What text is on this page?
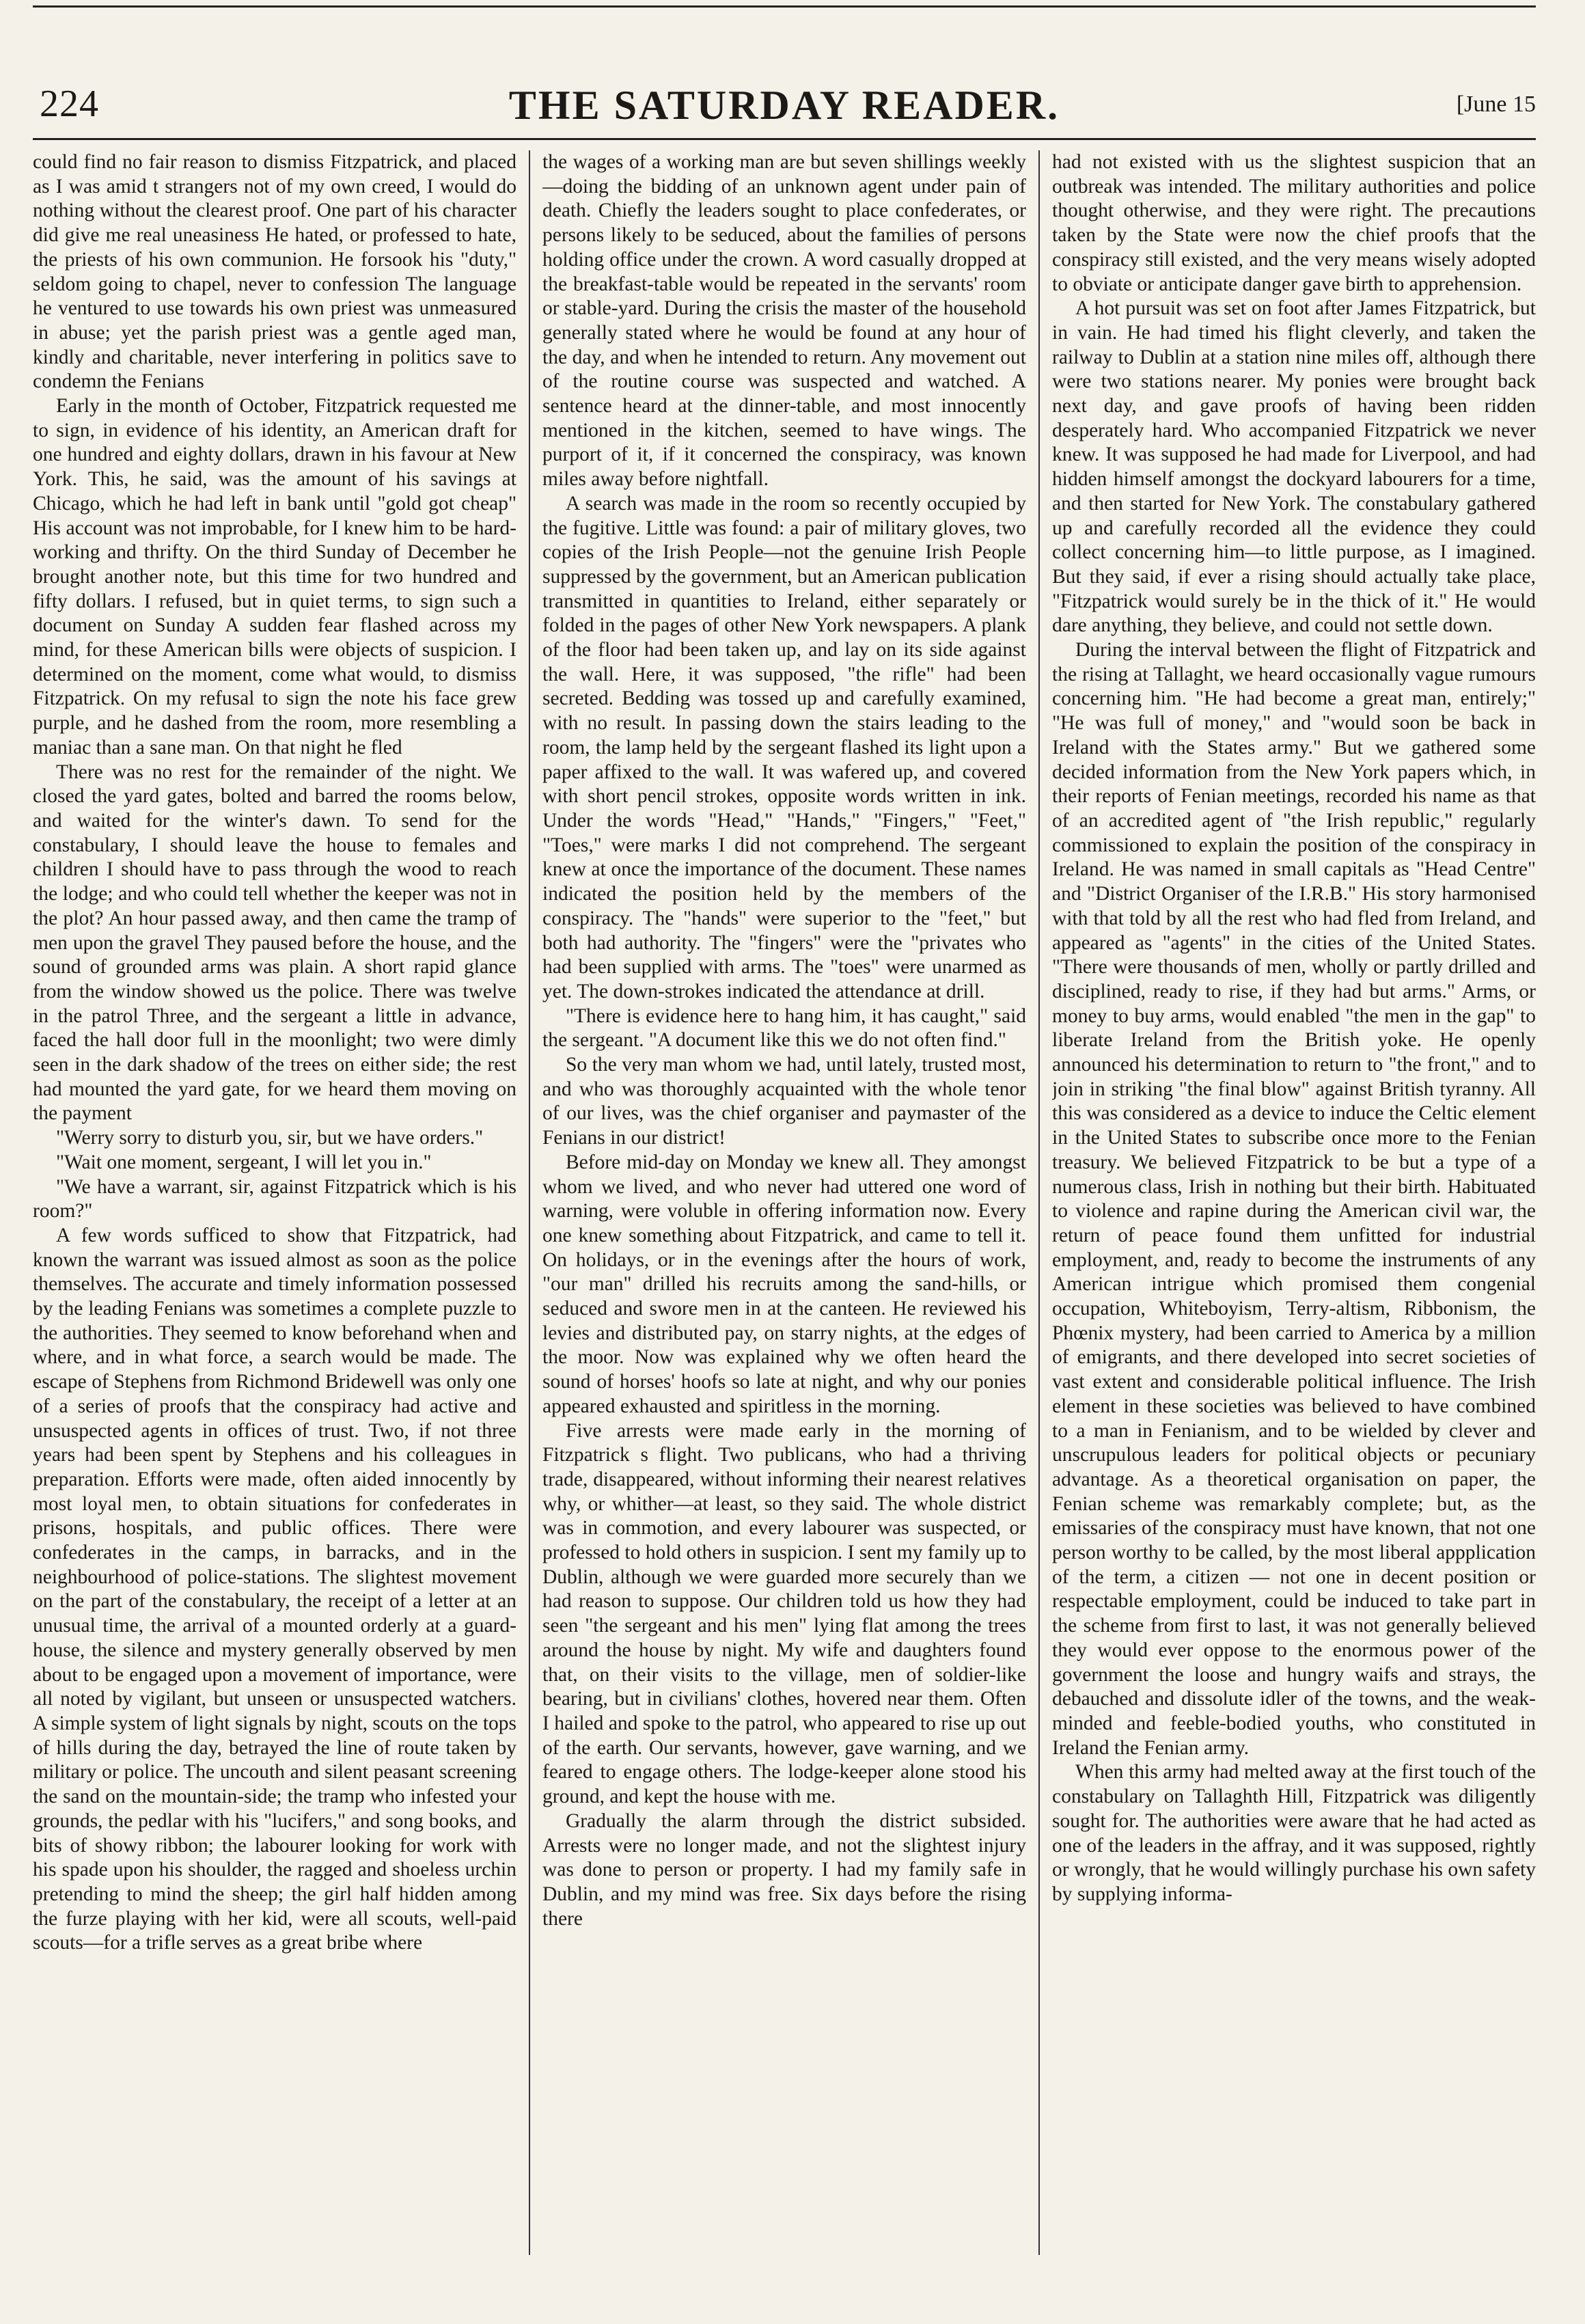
224	THE SATURDAY READER.	[June 15

could find no fair reason to dismiss Fitzpatrick, and placed as I was amid t strangers not of my own creed, I would do nothing without the clearest proof. One part of his character did give me real uneasiness He hated, or professed to hate, the priests of his own communion. He forsook his "duty," seldom going to chapel, never to confession The language he ventured to use towards his own priest was unmeasured in abuse; yet the parish priest was a gentle aged man, kindly and charitable, never interfering in politics save to condemn the Fenians

Early in the month of October, Fitzpatrick requested me to sign, in evidence of his identity, an American draft for one hundred and eighty dollars, drawn in his favour at New York. This, he said, was the amount of his savings at Chicago, which he had left in bank until "gold got cheap" His account was not improbable, for I knew him to be hard-working and thrifty. On the third Sunday of December he brought another note, but this time for two hundred and fifty dollars. I refused, but in quiet terms, to sign such a document on Sunday A sudden fear flashed across my mind, for these American bills were objects of suspicion. I determined on the moment, come what would, to dismiss Fitzpatrick. On my refusal to sign the note his face grew purple, and he dashed from the room, more resembling a maniac than a sane man. On that night he fled

There was no rest for the remainder of the night. We closed the yard gates, bolted and barred the rooms below, and waited for the winter's dawn. To send for the constabulary, I should leave the house to females and children I should have to pass through the wood to reach the lodge; and who could tell whether the keeper was not in the plot? An hour passed away, and then came the tramp of men upon the gravel They paused before the house, and the sound of grounded arms was plain. A short rapid glance from the window showed us the police. There was twelve in the patrol Three, and the sergeant a little in advance, faced the hall door full in the moonlight; two were dimly seen in the dark shadow of the trees on either side; the rest had mounted the yard gate, for we heard them moving on the payment

"Werry sorry to disturb you, sir, but we have orders."

"Wait one moment, sergeant, I will let you in."

"We have a warrant, sir, against Fitzpatrick which is his room?"

A few words sufficed to show that Fitzpatrick, had known the warrant was issued almost as soon as the police themselves. The accurate and timely information possessed by the leading Fenians was sometimes a complete puzzle to the authorities. They seemed to know beforehand when and where, and in what force, a search would be made. The escape of Stephens from Richmond Bridewell was only one of a series of proofs that the conspiracy had active and unsuspected agents in offices of trust. Two, if not three years had been spent by Stephens and his colleagues in preparation. Efforts were made, often aided innocently by most loyal men, to obtain situations for confederates in prisons, hospitals, and public offices. There were confederates in the camps, in barracks, and in the neighbourhood of police-stations. The slightest movement on the part of the constabulary, the receipt of a letter at an unusual time, the arrival of a mounted orderly at a guard-house, the silence and mystery generally observed by men about to be engaged upon a movement of importance, were all noted by vigilant, but unseen or unsuspected watchers. A simple system of light signals by night, scouts on the tops of hills during the day, betrayed the line of route taken by military or police. The uncouth and silent peasant screening the sand on the mountain-side; the tramp who infested your grounds, the pedlar with his "lucifers," and song books, and bits of showy ribbon; the labourer looking for work with his spade upon his shoulder, the ragged and shoeless urchin pretending to mind the sheep; the girl half hidden among the furze playing with her kid, were all scouts, well-paid scouts—for a trifle serves as a great bribe where

the wages of a working man are but seven shillings weekly—doing the bidding of an unknown agent under pain of death. Chiefly the leaders sought to place confederates, or persons likely to be seduced, about the families of persons holding office under the crown. A word casually dropped at the breakfast-table would be repeated in the servants' room or stable-yard. During the crisis the master of the household generally stated where he would be found at any hour of the day, and when he intended to return. Any movement out of the routine course was suspected and watched. A sentence heard at the dinner-table, and most innocently mentioned in the kitchen, seemed to have wings. The purport of it, if it concerned the conspiracy, was known miles away before nightfall.

A search was made in the room so recently occupied by the fugitive. Little was found: a pair of military gloves, two copies of the Irish People—not the genuine Irish People suppressed by the government, but an American publication transmitted in quantities to Ireland, either separately or folded in the pages of other New York newspapers. A plank of the floor had been taken up, and lay on its side against the wall. Here, it was supposed, "the rifle" had been secreted. Bedding was tossed up and carefully examined, with no result. In passing down the stairs leading to the room, the lamp held by the sergeant flashed its light upon a paper affixed to the wall. It was wafered up, and covered with short pencil strokes, opposite words written in ink. Under the words "Head," "Hands," "Fingers," "Feet," "Toes," were marks I did not comprehend. The sergeant knew at once the importance of the document. These names indicated the position held by the members of the conspiracy. The "hands" were superior to the "feet," but both had authority. The "fingers" were the "privates who had been supplied with arms. The "toes" were unarmed as yet. The down-strokes indicated the attendance at drill.

"There is evidence here to hang him, it has caught," said the sergeant. "A document like this we do not often find."

So the very man whom we had, until lately, trusted most, and who was thoroughly acquainted with the whole tenor of our lives, was the chief organiser and paymaster of the Fenians in our district!

Before mid-day on Monday we knew all. They amongst whom we lived, and who never had uttered one word of warning, were voluble in offering information now. Every one knew something about Fitzpatrick, and came to tell it. On holidays, or in the evenings after the hours of work, "our man" drilled his recruits among the sand-hills, or seduced and swore men in at the canteen. He reviewed his levies and distributed pay, on starry nights, at the edges of the moor. Now was explained why we often heard the sound of horses' hoofs so late at night, and why our ponies appeared exhausted and spiritless in the morning.

Five arrests were made early in the morning of Fitzpatrick s flight. Two publicans, who had a thriving trade, disappeared, without informing their nearest relatives why, or whither—at least, so they said. The whole district was in commotion, and every labourer was suspected, or professed to hold others in suspicion. I sent my family up to Dublin, although we were guarded more securely than we had reason to suppose. Our children told us how they had seen "the sergeant and his men" lying flat among the trees around the house by night. My wife and daughters found that, on their visits to the village, men of soldier-like bearing, but in civilians' clothes, hovered near them. Often I hailed and spoke to the patrol, who appeared to rise up out of the earth. Our servants, however, gave warning, and we feared to engage others. The lodge-keeper alone stood his ground, and kept the house with me.

Gradually the alarm through the district subsided. Arrests were no longer made, and not the slightest injury was done to person or property. I had my family safe in Dublin, and my mind was free. Six days before the rising there

had not existed with us the slightest suspicion that an outbreak was intended. The military authorities and police thought otherwise, and they were right. The precautions taken by the State were now the chief proofs that the conspiracy still existed, and the very means wisely adopted to obviate or anticipate danger gave birth to apprehension.

A hot pursuit was set on foot after James Fitzpatrick, but in vain. He had timed his flight cleverly, and taken the railway to Dublin at a station nine miles off, although there were two stations nearer. My ponies were brought back next day, and gave proofs of having been ridden desperately hard. Who accompanied Fitzpatrick we never knew. It was supposed he had made for Liverpool, and had hidden himself amongst the dockyard labourers for a time, and then started for New York. The constabulary gathered up and carefully recorded all the evidence they could collect concerning him—to little purpose, as I imagined. But they said, if ever a rising should actually take place, "Fitzpatrick would surely be in the thick of it." He would dare anything, they believe, and could not settle down.

During the interval between the flight of Fitzpatrick and the rising at Tallaght, we heard occasionally vague rumours concerning him. "He had become a great man, entirely;" "He was full of money," and "would soon be back in Ireland with the States army." But we gathered some decided information from the New York papers which, in their reports of Fenian meetings, recorded his name as that of an accredited agent of "the Irish republic," regularly commissioned to explain the position of the conspiracy in Ireland. He was named in small capitals as "Head Centre" and "District Organiser of the I.R.B." His story harmonised with that told by all the rest who had fled from Ireland, and appeared as "agents" in the cities of the United States. "There were thousands of men, wholly or partly drilled and disciplined, ready to rise, if they had but arms." Arms, or money to buy arms, would enabled "the men in the gap" to liberate Ireland from the British yoke. He openly announced his determination to return to "the front," and to join in striking "the final blow" against British tyranny. All this was considered as a device to induce the Celtic element in the United States to subscribe once more to the Fenian treasury. We believed Fitzpatrick to be but a type of a numerous class, Irish in nothing but their birth. Habituated to violence and rapine during the American civil war, the return of peace found them unfitted for industrial employment, and, ready to become the instruments of any American intrigue which promised them congenial occupation, Whiteboyism, Terry-altism, Ribbonism, the Phœnix mystery, had been carried to America by a million of emigrants, and there developed into secret societies of vast extent and considerable political influence. The Irish element in these societies was believed to have combined to a man in Fenianism, and to be wielded by clever and unscrupulous leaders for political objects or pecuniary advantage. As a theoretical organisation on paper, the Fenian scheme was remarkably complete; but, as the emissaries of the conspiracy must have known, that not one person worthy to be called, by the most liberal appplication of the term, a citizen — not one in decent position or respectable employment, could be induced to take part in the scheme from first to last, it was not generally believed they would ever oppose to the enormous power of the government the loose and hungry waifs and strays, the debauched and dissolute idler of the towns, and the weak-minded and feeble-bodied youths, who constituted in Ireland the Fenian army.

When this army had melted away at the first touch of the constabulary on Tallaghth Hill, Fitzpatrick was diligently sought for. The authorities were aware that he had acted as one of the leaders in the affray, and it was supposed, rightly or wrongly, that he would willingly purchase his own safety by supplying informa-
